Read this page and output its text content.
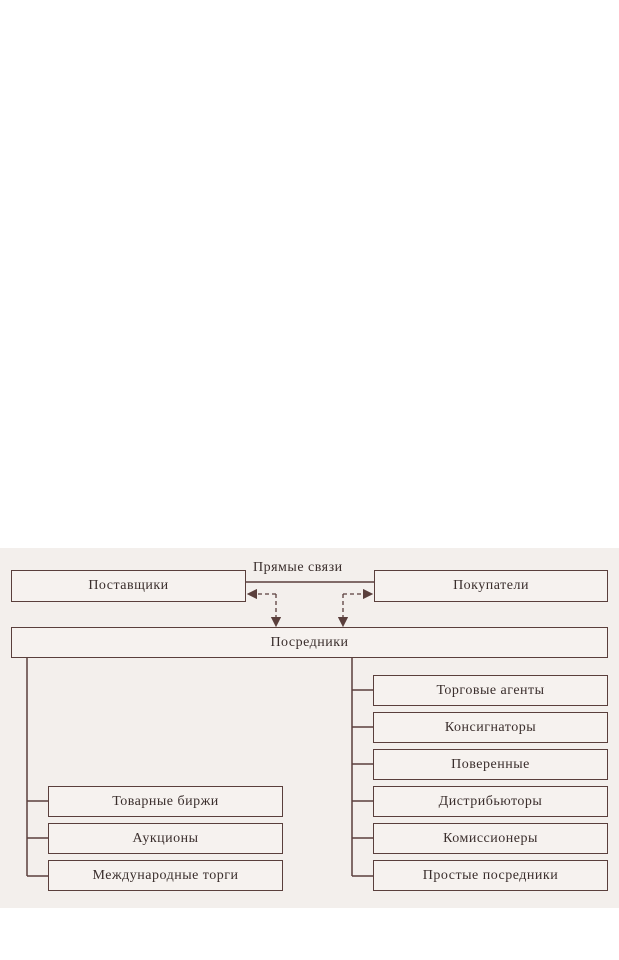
Прямые связи
Поставщики	Покупатели
Посредники
Товарные биржи
Аукционы
Международные торги
Торговые агенты
Консигнаторы
Поверенные
Дистрибьюторы
Комиссионеры
Простые посредники
